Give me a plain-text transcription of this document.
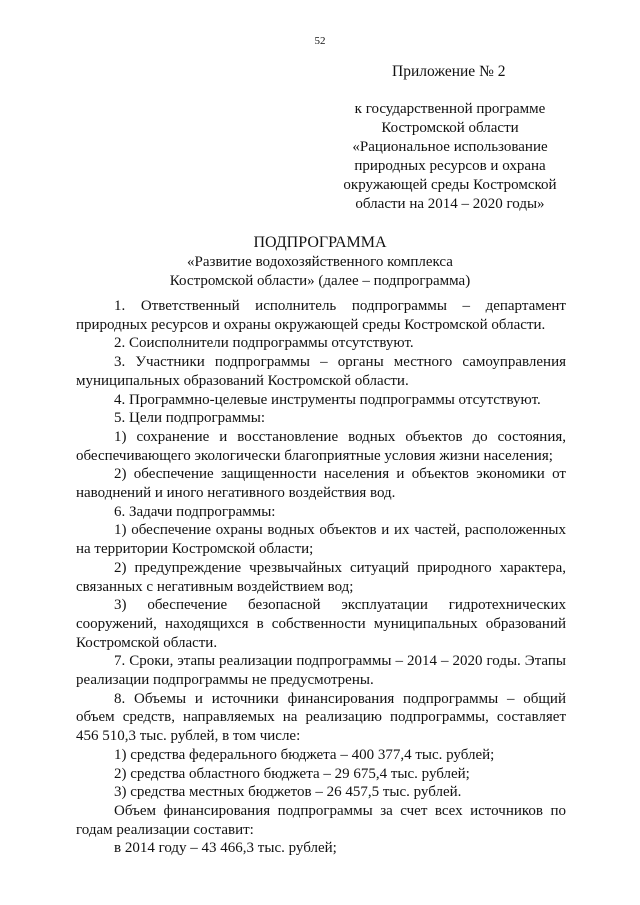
52
Приложение № 2
к государственной программе
Костромской области
«Рациональное использование
природных ресурсов и охрана
окружающей среды Костромской
области на 2014 – 2020 годы»
ПОДПРОГРАММА
«Развитие водохозяйственного комплекса
Костромской области» (далее – подпрограмма)

1. Ответственный исполнитель подпрограммы – департамент природных ресурсов и охраны окружающей среды Костромской области.

2. Соисполнители подпрограммы отсутствуют.

3. Участники подпрограммы – органы местного самоуправления муниципальных образований Костромской области.

4. Программно-целевые инструменты подпрограммы отсутствуют.

5. Цели подпрограммы:

1) сохранение и восстановление водных объектов до состояния, обеспечивающего экологически благоприятные условия жизни населения;

2) обеспечение защищенности населения и объектов экономики от наводнений и иного негативного воздействия вод.

6. Задачи подпрограммы:

1) обеспечение охраны водных объектов и их частей, расположенных на территории Костромской области;

2) предупреждение чрезвычайных ситуаций природного характера, связанных с негативным воздействием вод;

3) обеспечение безопасной эксплуатации гидротехнических сооружений, находящихся в собственности муниципальных образований Костромской области.

7. Сроки, этапы реализации подпрограммы – 2014 – 2020 годы. Этапы реализации подпрограммы не предусмотрены.

8. Объемы и источники финансирования подпрограммы – общий объем средств, направляемых на реализацию подпрограммы, составляет 456 510,3 тыс. рублей, в том числе:

1) средства федерального бюджета – 400 377,4 тыс. рублей;

2) средства областного бюджета – 29 675,4 тыс. рублей;

3) средства местных бюджетов – 26 457,5 тыс. рублей.

Объем финансирования подпрограммы за счет всех источников по годам реализации составит:

в 2014 году – 43 466,3 тыс. рублей;
